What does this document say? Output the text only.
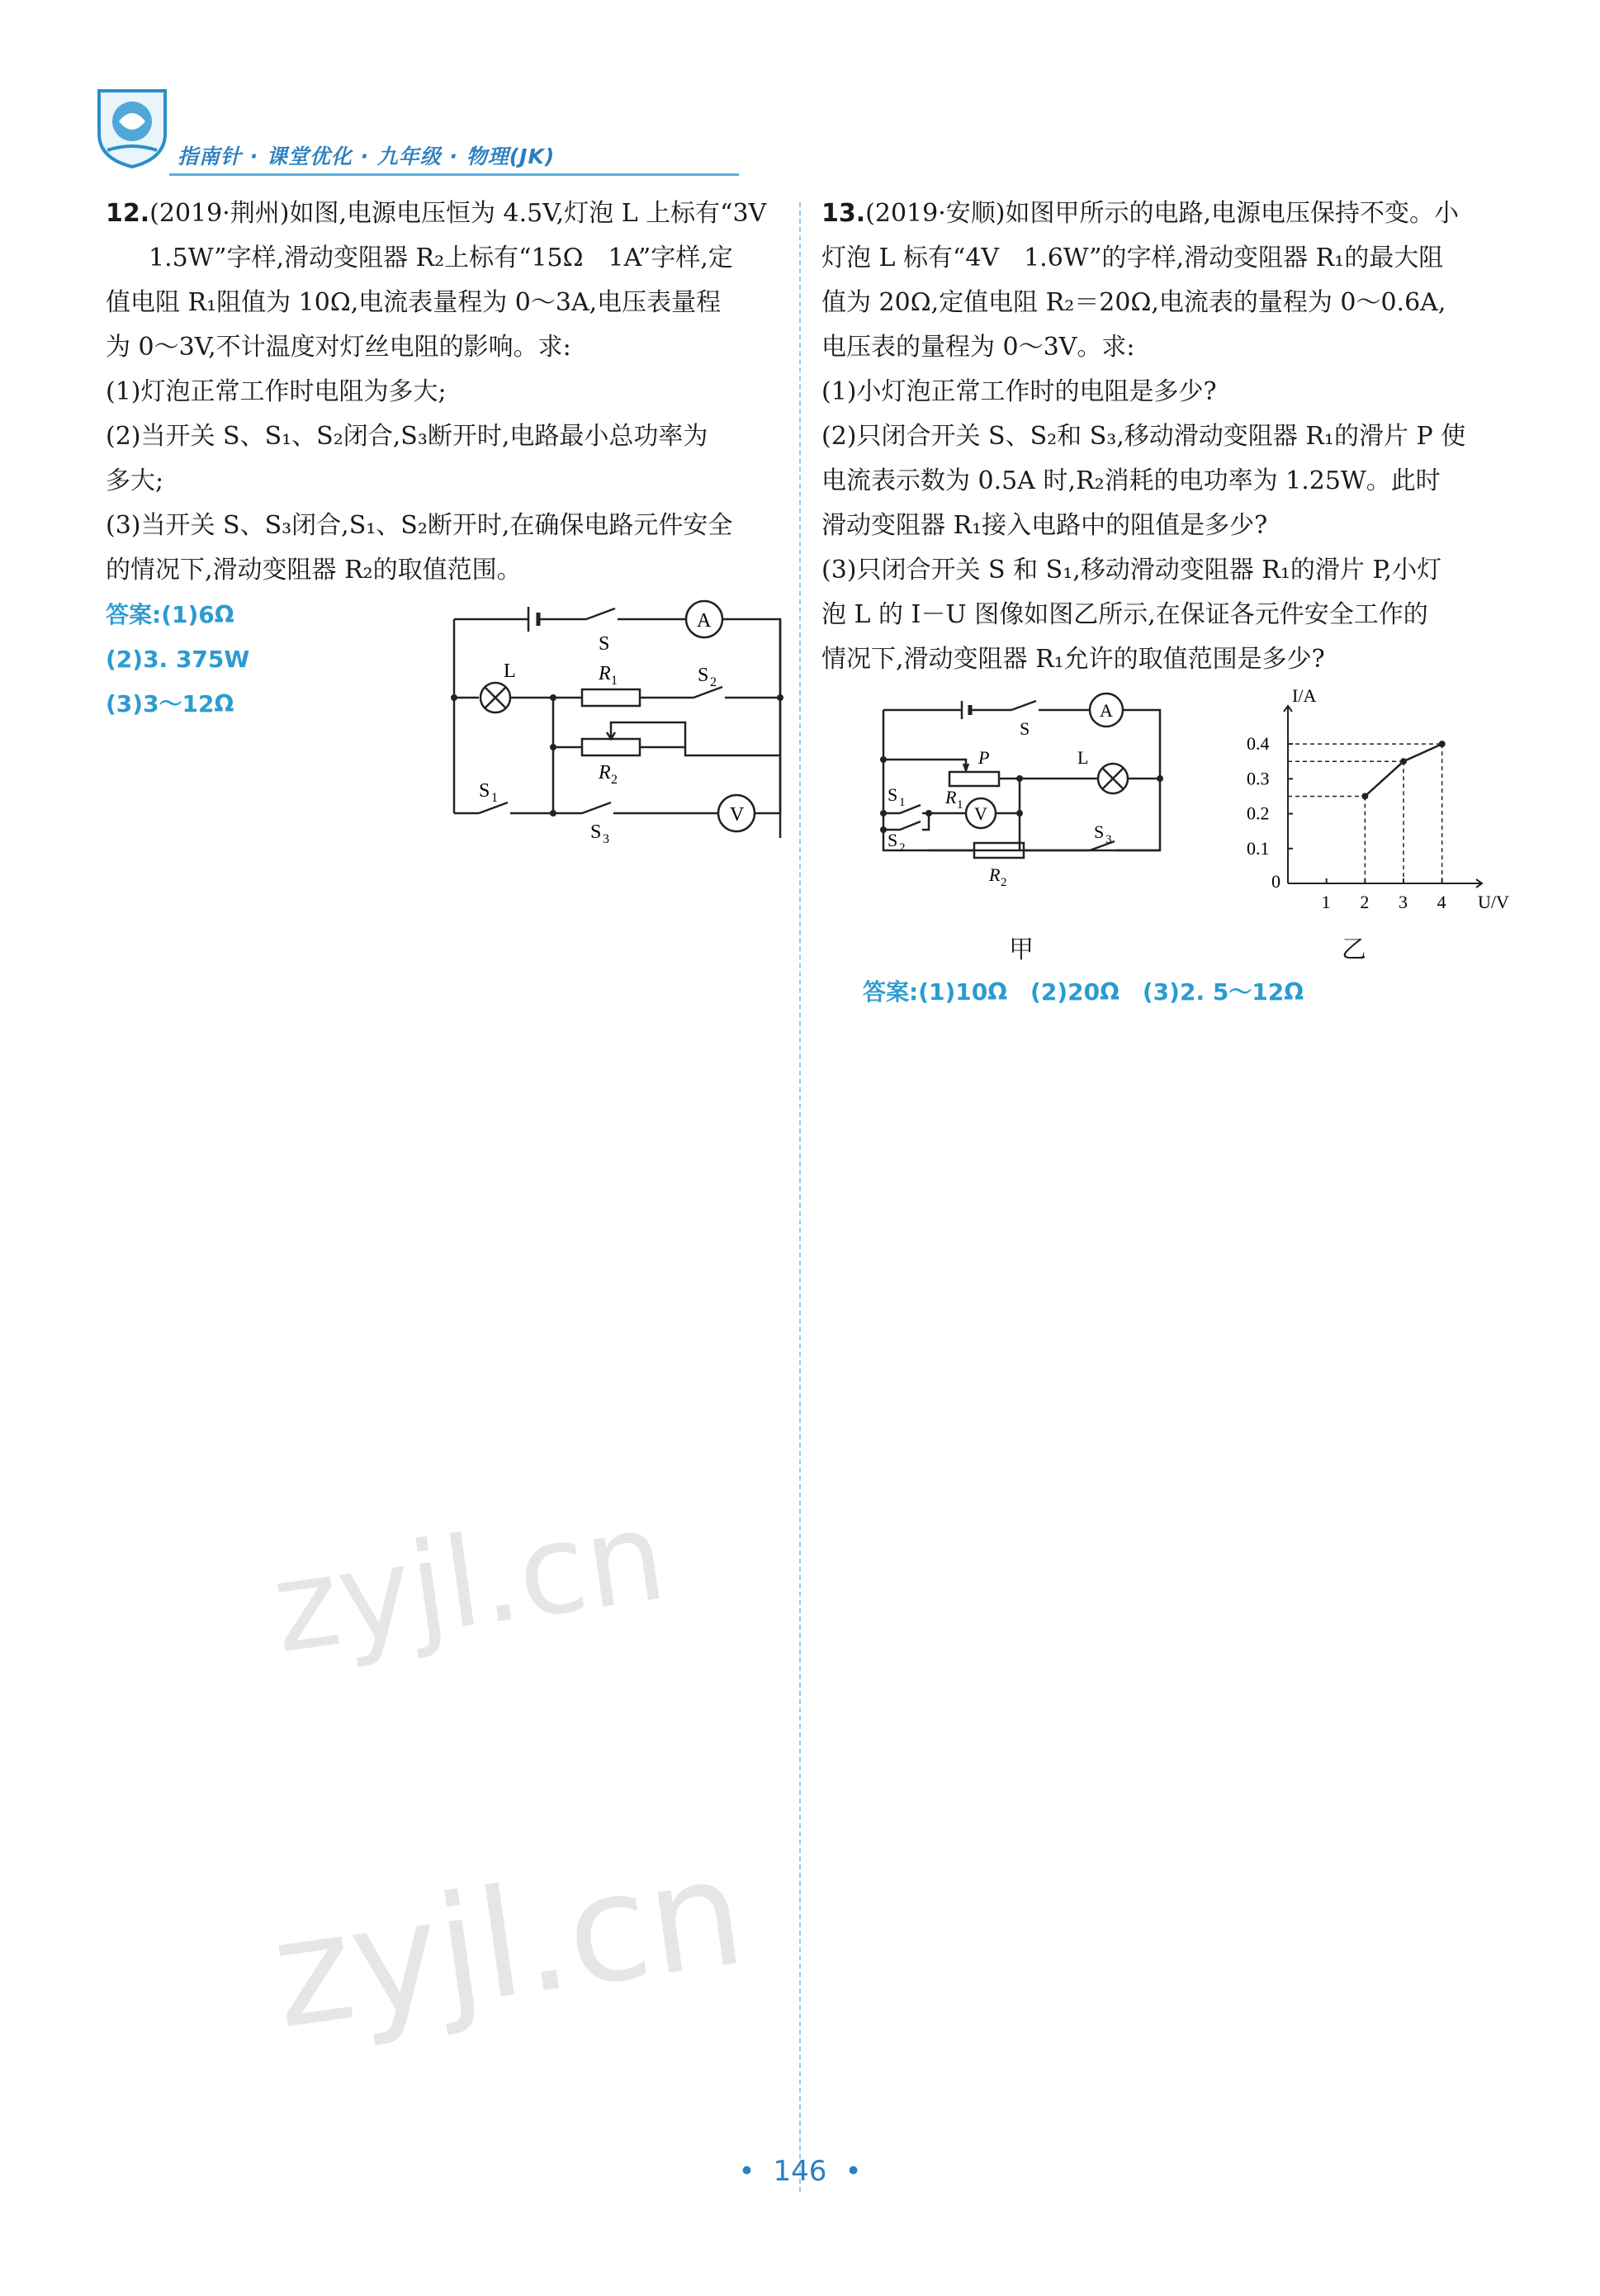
指南针 · 课堂优化 · 九年级 · 物理(JK)

12.(2019·荆州)如图,电源电压恒为 4.5V,灯泡 L 上标有“3V

1.5W”字样,滑动变阻器 R₂上标有“15Ω　1A”字样,定

值电阻 R₁阻值为 10Ω,电流表量程为 0～3A,电压表量程

为 0～3V,不计温度对灯丝电阻的影响。求:

(1)灯泡正常工作时电阻为多大;

(2)当开关 S、S₁、S₂闭合,S₃断开时,电路最小总功率为

多大;

(3)当开关 S、S₃闭合,S₁、S₂断开时,在确保电路元件安全

的情况下,滑动变阻器 R₂的取值范围。

答案:(1)6Ω

(2)3. 375W

(3)3～12Ω

A
S
L	R 1	S 2
R 2
S 1
S 3
V

13.(2019·安顺)如图甲所示的电路,电源电压保持不变。小

灯泡 L 标有“4V　1.6W”的字样,滑动变阻器 R₁的最大阻

值为 20Ω,定值电阻 R₂＝20Ω,电流表的量程为 0～0.6A,

电压表的量程为 0～3V。求:

(1)小灯泡正常工作时的电阻是多少?

(2)只闭合开关 S、S₂和 S₃,移动滑动变阻器 R₁的滑片 P 使

电流表示数为 0.5A 时,R₂消耗的电功率为 1.25W。此时

滑动变阻器 R₁接入电路中的阻值是多少?

(3)只闭合开关 S 和 S₁,移动滑动变阻器 R₁的滑片 P,小灯

泡 L 的 I－U 图像如图乙所示,在保证各元件安全工作的

情况下,滑动变阻器 R₁允许的取值范围是多少?

A
S
P	L
R 1
S 1
V
S 2
S 3
R 2
I/A
U/V
0
1 2 3 4
0.1
0.2
0.3
0.4
甲	乙
答案:(1)10Ω　(2)20Ω　(3)2. 5～12Ω
zyjl.cn
zyjl.cn
• 146 •
